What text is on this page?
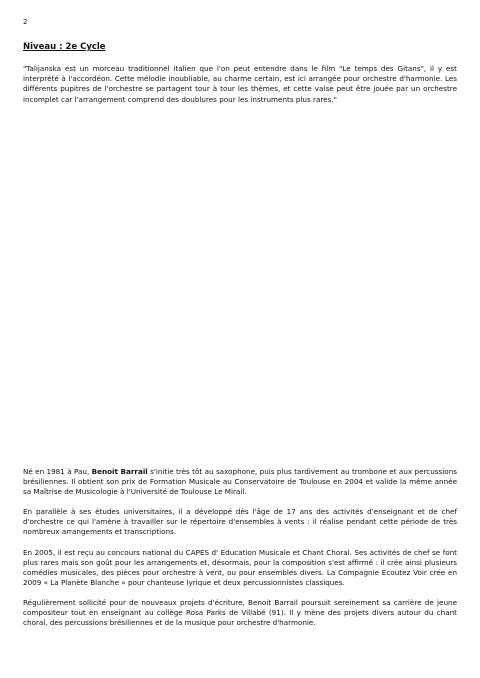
2
Niveau : 2e Cycle

"Talijanska est un morceau traditionnel italien que l'on peut entendre dans le film "Le temps des Gitans", il y est interprété à l'accordéon. Cette mélodie inoubliable, au charme certain, est ici arrangée pour orchestre d'harmonie. Les différents pupitres de l'orchestre se partagent tour à tour les thèmes, et cette valse peut être jouée par un orchestre incomplet car l'arrangement comprend des doublures pour les instruments plus rares."

Né en 1981 à Pau, Benoit Barrail s'initie très tôt au saxophone, puis plus tardivement au trombone et aux percussions brésiliennes. Il obtient son prix de Formation Musicale au Conservatoire de Toulouse en 2004 et valide la même année sa Maîtrise de Musicologie à l'Université de Toulouse Le Mirail.

En parallèle à ses études universitaires, il a développé dès l'âge de 17 ans des activités d'enseignant et de chef d'orchestre ce qui l'amène à travailler sur le répertoire d'ensembles à vents : il réalise pendant cette période de très nombreux arrangements et transcriptions.

En 2005, il est reçu au concours national du CAPES d' Education Musicale et Chant Choral. Ses activités de chef se font plus rares mais son goût pour les arrangements et, désormais, pour la composition s'est affirmé : il crée ainsi plusieurs comédies musicales, des pièces pour orchestre à vent, ou pour ensembles divers. La Compagnie Ecoutez Voir crée en 2009 « La Planète Blanche » pour chanteuse lyrique et deux percussionnistes classiques.

Régulièrement sollicité pour de nouveaux projets d'écriture, Benoit Barrail poursuit sereinement sa carrière de jeune compositeur tout en enseignant au collège Rosa Parks de Villabé (91). Il y mène des projets divers autour du chant choral, des percussions brésiliennes et de la musique pour orchestre d'harmonie.
